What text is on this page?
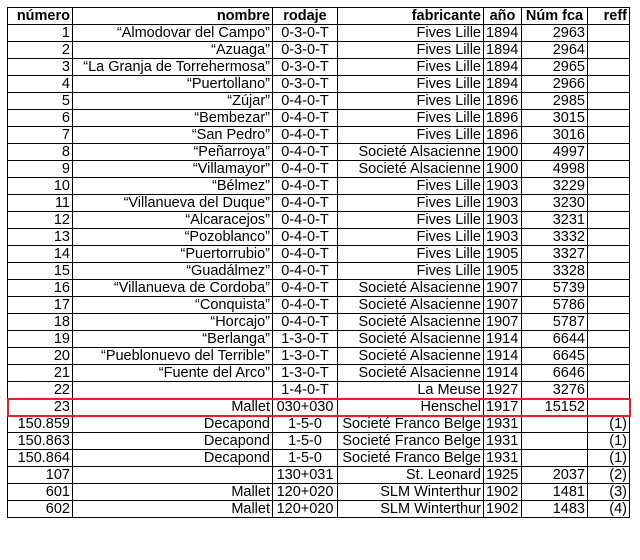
número	nombre	rodaje	fabricante	año	Núm fca	reff
1	“Almodovar del Campo”	0-3-0-T	Fives Lille	1894	2963	
2	“Azuaga”	0-3-0-T	Fives Lille	1894	2964	
3	“La Granja de Torrehermosa”	0-3-0-T	Fives Lille	1894	2965	
4	“Puertollano”	0-3-0-T	Fives Lille	1894	2966	
5	“Zújar”	0-4-0-T	Fives Lille	1896	2985	
6	“Bembezar”	0-4-0-T	Fives Lille	1896	3015	
7	“San Pedro”	0-4-0-T	Fives Lille	1896	3016	
8	“Peñarroya”	0-4-0-T	Societé Alsacienne	1900	4997	
9	“Villamayor”	0-4-0-T	Societé Alsacienne	1900	4998	
10	“Bélmez”	0-4-0-T	Fives Lille	1903	3229	
11	“Villanueva del Duque”	0-4-0-T	Fives Lille	1903	3230	
12	“Alcaracejos”	0-4-0-T	Fives Lille	1903	3231	
13	“Pozoblanco”	0-4-0-T	Fives Lille	1903	3332	
14	“Puertorrubio”	0-4-0-T	Fives Lille	1905	3327	
15	“Guadálmez”	0-4-0-T	Fives Lille	1905	3328	
16	“Villanueva de Cordoba”	0-4-0-T	Societé Alsacienne	1907	5739	
17	“Conquista”	0-4-0-T	Societé Alsacienne	1907	5786	
18	“Horcajo”	0-4-0-T	Societé Alsacienne	1907	5787	
19	“Berlanga”	1-3-0-T	Societé Alsacienne	1914	6644	
20	“Pueblonuevo del Terrible”	1-3-0-T	Societé Alsacienne	1914	6645	
21	“Fuente del Arco”	1-3-0-T	Societé Alsacienne	1914	6646	
22		1-4-0-T	La Meuse	1927	3276	
23	Mallet	030+030	Henschel	1917	15152	
150.859	Decapond	1-5-0	Societé Franco Belge	1931		(1)
150.863	Decapond	1-5-0	Societé Franco Belge	1931		(1)
150.864	Decapond	1-5-0	Societé Franco Belge	1931		(1)
107		130+031	St. Leonard	1925	2037	(2)
601	Mallet	120+020	SLM Winterthur	1902	1481	(3)
602	Mallet	120+020	SLM Winterthur	1902	1483	(4)
